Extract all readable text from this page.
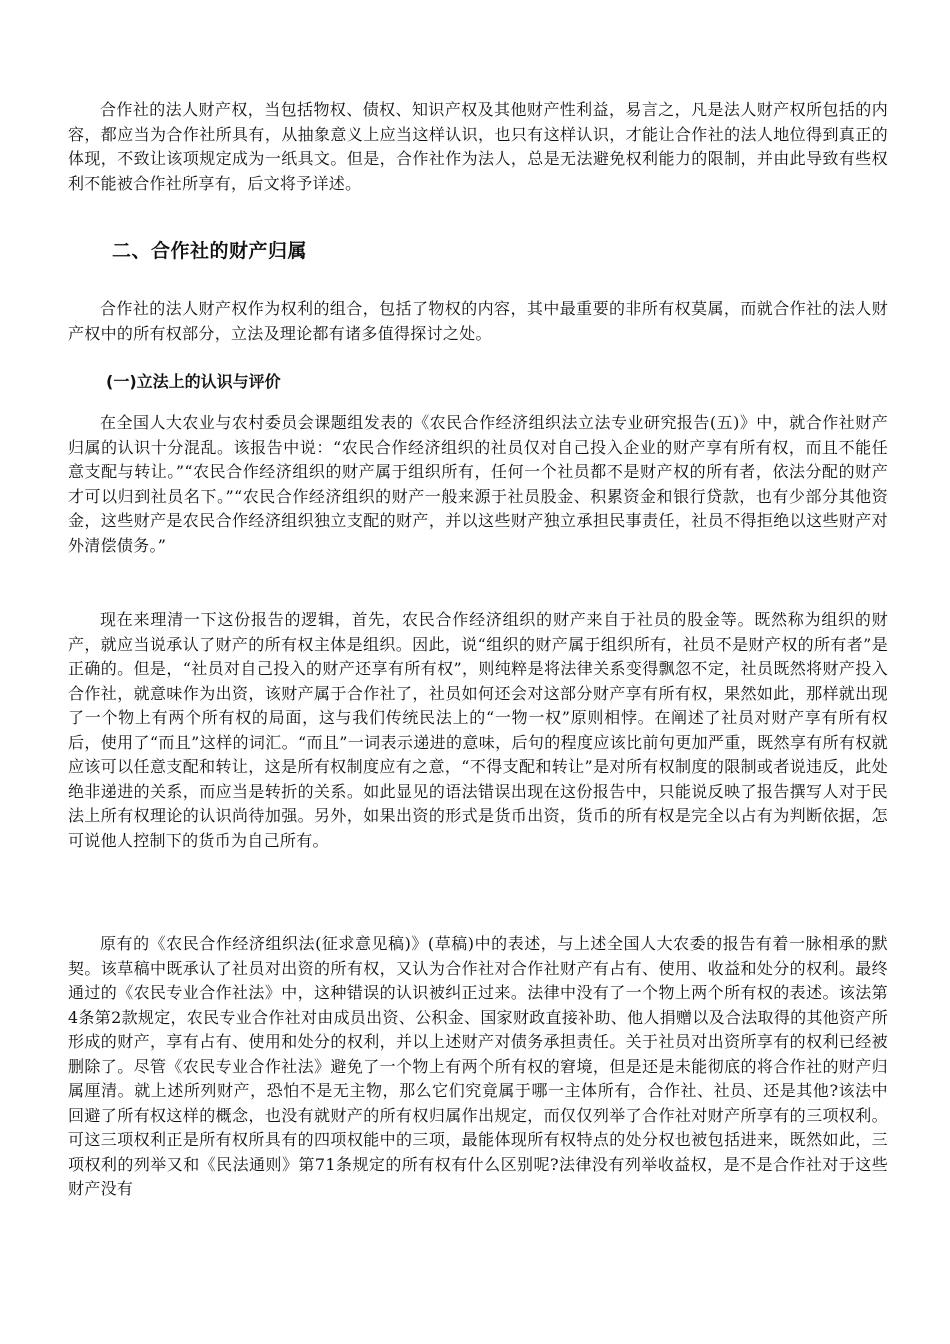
合作社的法人财产权，当包括物权、债权、知识产权及其他财产性利益，易言之，凡是法人财产权所包括的内容，都应当为合作社所具有，从抽象意义上应当这样认识，也只有这样认识，才能让合作社的法人地位得到真正的体现，不致让该项规定成为一纸具文。但是，合作社作为法人，总是无法避免权利能力的限制，并由此导致有些权利不能被合作社所享有，后文将予详述。

二、合作社的财产归属

合作社的法人财产权作为权利的组合，包括了物权的内容，其中最重要的非所有权莫属，而就合作社的法人财产权中的所有权部分，立法及理论都有诸多值得探讨之处。

(一)立法上的认识与评价

在全国人大农业与农村委员会课题组发表的《农民合作经济组织法立法专业研究报告(五)》中，就合作社财产归属的认识十分混乱。该报告中说：“农民合作经济组织的社员仅对自己投入企业的财产享有所有权，而且不能任意支配与转让。”“农民合作经济组织的财产属于组织所有，任何一个社员都不是财产权的所有者，依法分配的财产才可以归到社员名下。”“农民合作经济组织的财产一般来源于社员股金、积累资金和银行贷款，也有少部分其他资金，这些财产是农民合作经济组织独立支配的财产，并以这些财产独立承担民事责任，社员不得拒绝以这些财产对外清偿债务。”

现在来理清一下这份报告的逻辑，首先，农民合作经济组织的财产来自于社员的股金等。既然称为组织的财产，就应当说承认了财产的所有权主体是组织。因此，说“组织的财产属于组织所有，社员不是财产权的所有者”是正确的。但是，“社员对自己投入的财产还享有所有权”，则纯粹是将法律关系变得飘忽不定，社员既然将财产投入合作社，就意味作为出资，该财产属于合作社了，社员如何还会对这部分财产享有所有权，果然如此，那样就出现了一个物上有两个所有权的局面，这与我们传统民法上的“一物一权”原则相悖。在阐述了社员对财产享有所有权后，使用了“而且”这样的词汇。“而且”一词表示递进的意味，后句的程度应该比前句更加严重，既然享有所有权就应该可以任意支配和转让，这是所有权制度应有之意，“不得支配和转让”是对所有权制度的限制或者说违反，此处绝非递进的关系，而应当是转折的关系。如此显见的语法错误出现在这份报告中，只能说反映了报告撰写人对于民法上所有权理论的认识尚待加强。另外，如果出资的形式是货币出资，货币的所有权是完全以占有为判断依据，怎可说他人控制下的货币为自己所有。

原有的《农民合作经济组织法(征求意见稿)》(草稿)中的表述，与上述全国人大农委的报告有着一脉相承的默契。该草稿中既承认了社员对出资的所有权，又认为合作社对合作社财产有占有、使用、收益和处分的权利。最终通过的《农民专业合作社法》中，这种错误的认识被纠正过来。法律中没有了一个物上两个所有权的表述。该法第4条第2款规定，农民专业合作社对由成员出资、公积金、国家财政直接补助、他人捐赠以及合法取得的其他资产所形成的财产，享有占有、使用和处分的权利，并以上述财产对债务承担责任。关于社员对出资所享有的权利已经被删除了。尽管《农民专业合作社法》避免了一个物上有两个所有权的窘境，但是还是未能彻底的将合作社的财产归属厘清。就上述所列财产，恐怕不是无主物，那么它们究竟属于哪一主体所有，合作社、社员、还是其他?该法中回避了所有权这样的概念，也没有就财产的所有权归属作出规定，而仅仅列举了合作社对财产所享有的三项权利。可这三项权利正是所有权所具有的四项权能中的三项，最能体现所有权特点的处分权也被包括进来，既然如此，三项权利的列举又和《民法通则》第71条规定的所有权有什么区别呢?法律没有列举收益权，是不是合作社对于这些财产没有
